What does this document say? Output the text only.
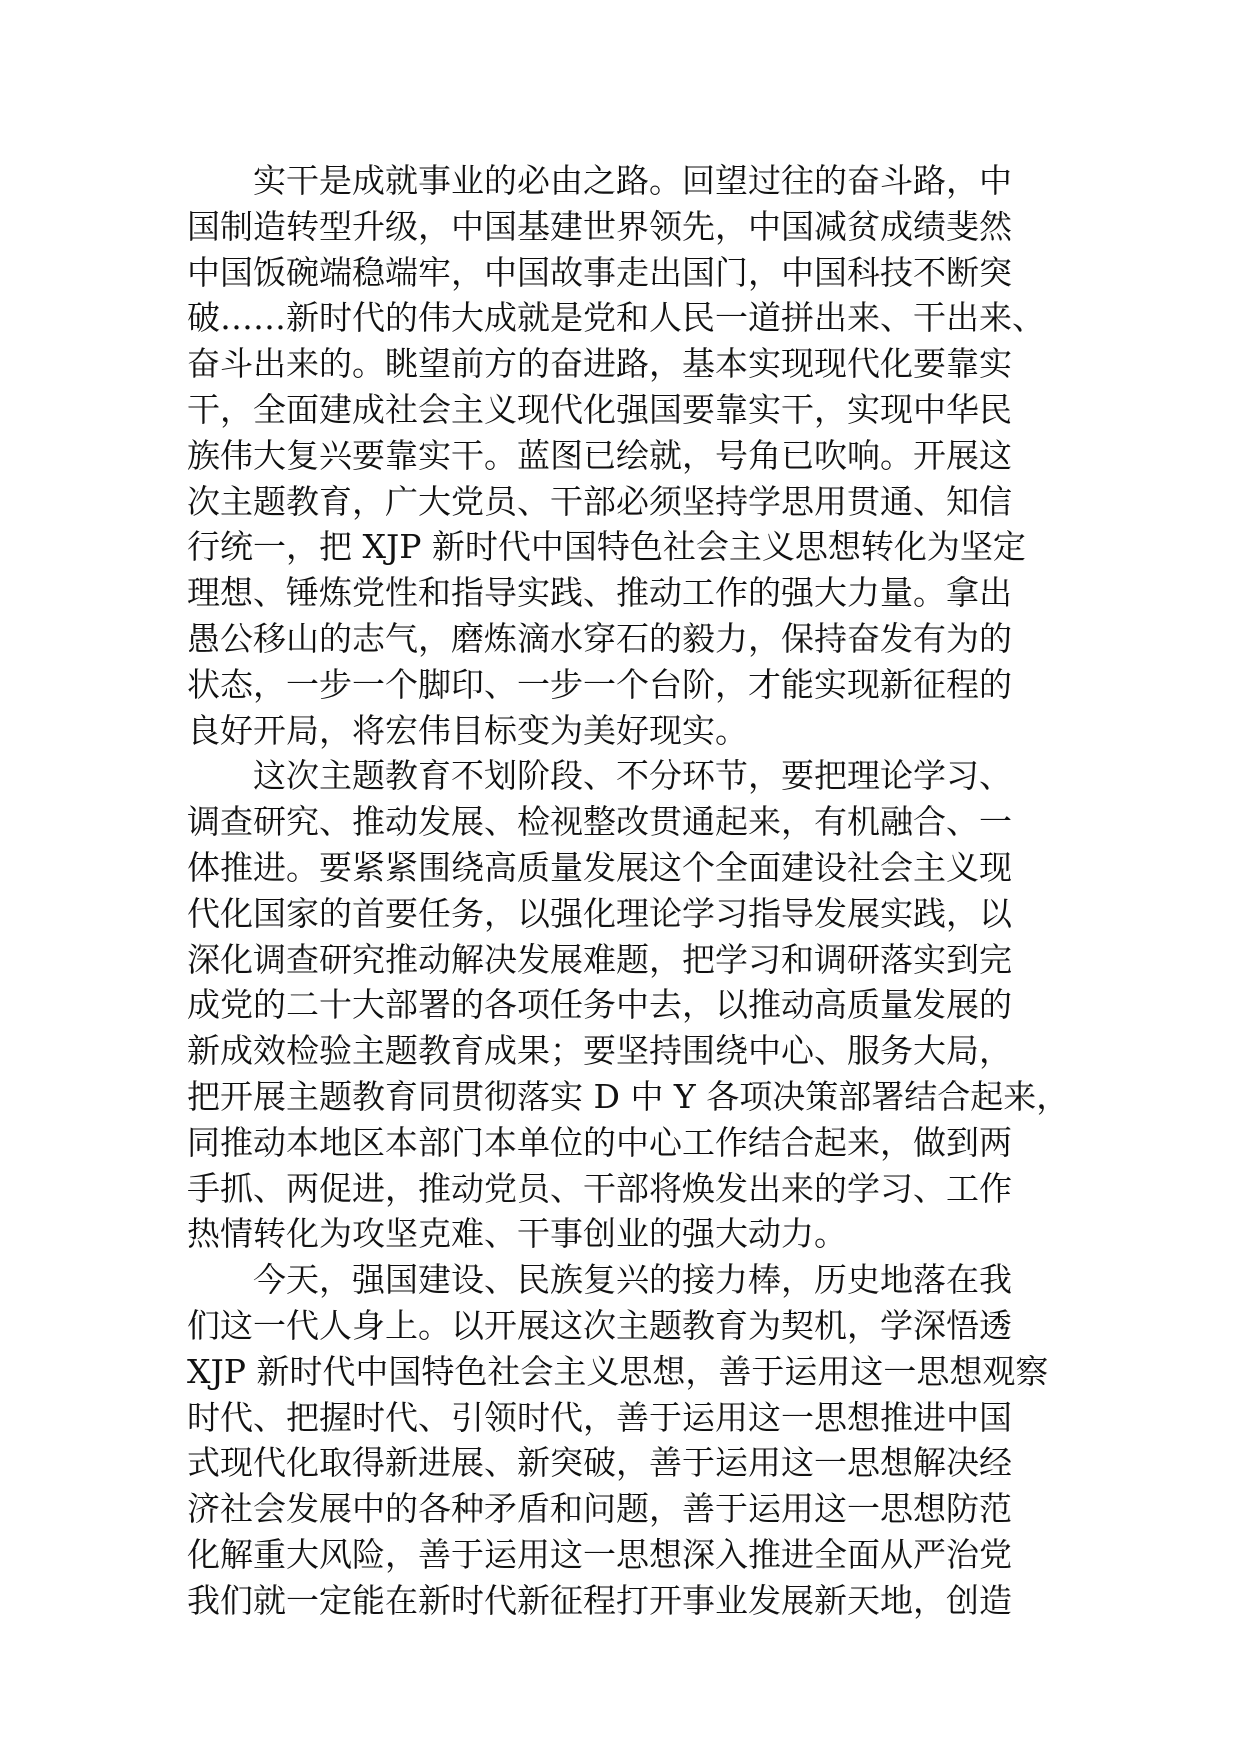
实干是成就事业的必由之路。回望过往的奋斗路，中
国制造转型升级，中国基建世界领先，中国减贫成绩斐然
中国饭碗端稳端牢，中国故事走出国门，中国科技不断突
破……新时代的伟大成就是党和人民一道拼出来、干出来、
奋斗出来的。眺望前方的奋进路，基本实现现代化要靠实
干，全面建成社会主义现代化强国要靠实干，实现中华民
族伟大复兴要靠实干。蓝图已绘就，号角已吹响。开展这
次主题教育，广大党员、干部必须坚持学思用贯通、知信
行统一，把 XJP 新时代中国特色社会主义思想转化为坚定
理想、锤炼党性和指导实践、推动工作的强大力量。拿出
愚公移山的志气，磨炼滴水穿石的毅力，保持奋发有为的
状态，一步一个脚印、一步一个台阶，才能实现新征程的
良好开局，将宏伟目标变为美好现实。

这次主题教育不划阶段、不分环节，要把理论学习、
调查研究、推动发展、检视整改贯通起来，有机融合、一
体推进。要紧紧围绕高质量发展这个全面建设社会主义现
代化国家的首要任务，以强化理论学习指导发展实践，以
深化调查研究推动解决发展难题，把学习和调研落实到完
成党的二十大部署的各项任务中去，以推动高质量发展的
新成效检验主题教育成果；要坚持围绕中心、服务大局，
把开展主题教育同贯彻落实 D 中 Y 各项决策部署结合起来，
同推动本地区本部门本单位的中心工作结合起来，做到两
手抓、两促进，推动党员、干部将焕发出来的学习、工作
热情转化为攻坚克难、干事创业的强大动力。

今天，强国建设、民族复兴的接力棒，历史地落在我
们这一代人身上。以开展这次主题教育为契机，学深悟透
XJP 新时代中国特色社会主义思想，善于运用这一思想观察
时代、把握时代、引领时代，善于运用这一思想推进中国
式现代化取得新进展、新突破，善于运用这一思想解决经
济社会发展中的各种矛盾和问题，善于运用这一思想防范
化解重大风险，善于运用这一思想深入推进全面从严治党
我们就一定能在新时代新征程打开事业发展新天地，创造
